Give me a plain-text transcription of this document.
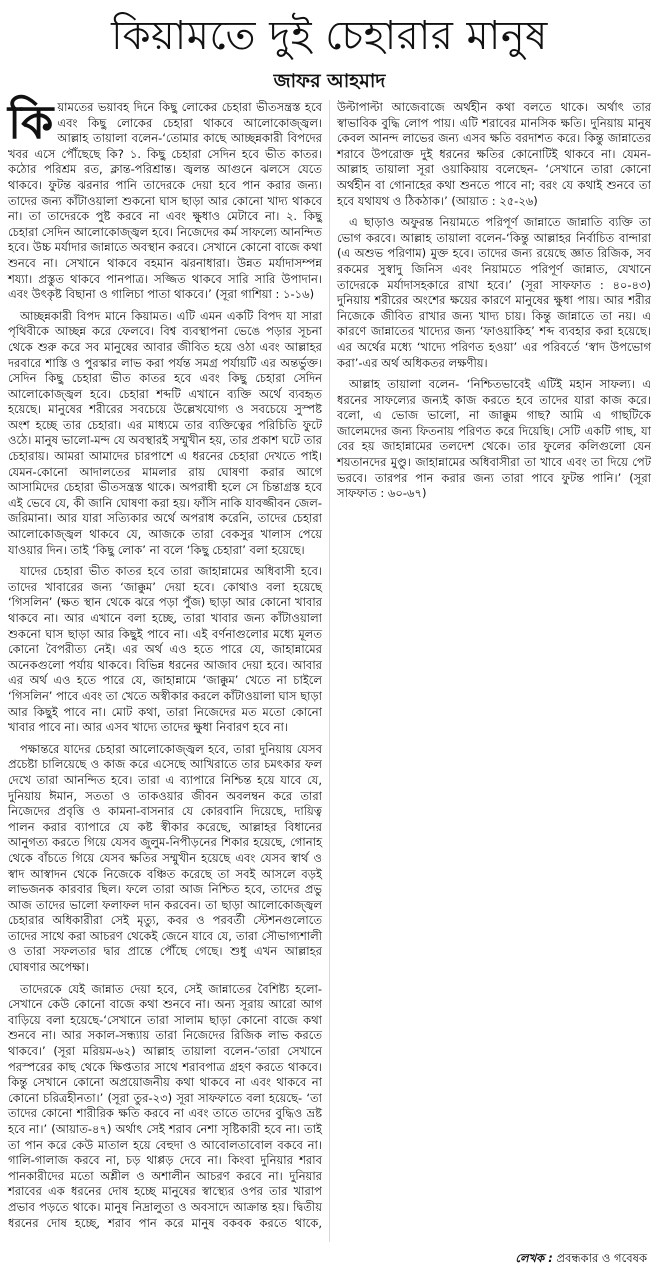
কিয়ামতে দুই চেহারার মানুষ
জাফর আহমাদ

কিয়ামতের ভয়াবহ দিনে কিছু লোকের চেহারা ভীতসন্ত্রস্ত হবে এবং কিছু লোকের চেহারা থাকবে আলোকোজ্জ্বল। আল্লাহ তায়ালা বলেন-‘তোমার কাছে আচ্ছন্নকারী বিপদের খবর এসে পৌঁছেছে কি? ১. কিছু চেহারা সেদিন হবে ভীত কাতর। কঠোর পরিশ্রম রত, ক্লান্ত-পরিশ্রান্ত। জ্বলন্ত আগুনে ঝলসে যেতে থাকবে। ফুটন্ত ঝরনার পানি তাদেরকে দেয়া হবে পান করার জন্য। তাদের জন্য কাঁটাওয়ালা শুকনো ঘাস ছাড়া আর কোনো খাদ্য থাকবে না। তা তাদেরকে পুষ্ট করবে না এবং ক্ষুধাও মেটাবে না। ২. কিছু চেহারা সেদিন আলোকোজ্জ্বল হবে। নিজেদের কর্ম সাফল্যে আনন্দিত হবে। উচ্চ মর্যাদার জান্নাতে অবস্থান করবে। সেখানে কোনো বাজে কথা শুনবে না। সেখানে থাকবে বহমান ঝরনাধারা। উন্নত মর্যাদাসম্পন্ন শয্যা। প্রস্তুত থাকবে পানপাত্র। সজ্জিত থাকবে সারি সারি উপাদান। এবং উৎকৃষ্ট বিছানা ও গালিচা পাতা থাকবে।’ (সূরা গাশিয়া : ১-১৬)

আচ্ছন্নকারী বিপদ মানে কিয়ামত। এটি এমন একটি বিপদ যা সারা পৃথিবীকে আচ্ছন্ন করে ফেলবে। বিশ্ব ব্যবস্থাপনা ভেঙে পড়ার সূচনা থেকে শুরু করে সব মানুষের আবার জীবিত হয়ে ওঠা এবং আল্লাহর দরবারে শাস্তি ও পুরস্কার লাভ করা পর্যন্ত সমগ্র পর্যায়টি এর অন্তর্ভুক্ত। সেদিন কিছু চেহারা ভীত কাতর হবে এবং কিছু চেহারা সেদিন আলোকোজ্জ্বল হবে। চেহারা শব্দটি এখানে ব্যক্তি অর্থে ব্যবহৃত হয়েছে। মানুষের শরীরের সবচেয়ে উল্লেখযোগ্য ও সবচেয়ে সুস্পষ্ট অংশ হচ্ছে তার চেহারা। এর মাধ্যমে তার ব্যক্তিত্বের পরিচিতি ফুটে ওঠে। মানুষ ভালো-মন্দ যে অবস্থারই সম্মুখীন হয়, তার প্রকাশ ঘটে তার চেহারায়। আমরা আমাদের চারপাশে এ ধরনের চেহারা দেখতে পাই। যেমন-কোনো আদালতের মামলার রায় ঘোষণা করার আগে আসামিদের চেহারা ভীতসন্ত্রস্ত থাকে। অপরাধী হলে সে চিন্তাগ্রস্ত হবে এই ভেবে যে, কী জানি ঘোষণা করা হয়। ফাঁসি নাকি যাবজ্জীবন জেল-জরিমানা। আর যারা সত্যিকার অর্থে অপরাধ করেনি, তাদের চেহারা আলোকোজ্জ্বল থাকবে যে, আজকে তারা বেকসুর খালাস পেয়ে যাওয়ার দিন। তাই ‘কিছু লোক’ না বলে ‘কিছু চেহারা’ বলা হয়েছে।

যাদের চেহারা ভীত কাতর হবে তারা জাহান্নামের অধিবাসী হবে। তাদের খাবারের জন্য ‘জাক্কুম’ দেয়া হবে। কোথাও বলা হয়েছে ‘গিসলিন’ (ক্ষত স্থান থেকে ঝরে পড়া পুঁজ) ছাড়া আর কোনো খাবার থাকবে না। আর এখানে বলা হচ্ছে, তারা খাবার জন্য কাঁটাওয়ালা শুকনো ঘাস ছাড়া আর কিছুই পাবে না। এই বর্ণনাগুলোর মধ্যে মূলত কোনো বৈপরীত্য নেই। এর অর্থ এও হতে পারে যে, জাহান্নামের অনেকগুলো পর্যায় থাকবে। বিভিন্ন ধরনের আজাব দেয়া হবে। আবার এর অর্থ এও হতে পারে যে, জাহান্নামে ‘জাক্কুম’ খেতে না চাইলে ‘গিসলিন’ পাবে এবং তা খেতে অস্বীকার করলে কাঁটাওয়ালা ঘাস ছাড়া আর কিছুই পাবে না। মোট কথা, তারা নিজেদের মত মতো কোনো খাবার পাবে না। আর এসব খাদ্যে তাদের ক্ষুধা নিবারণ হবে না।

পক্ষান্তরে যাদের চেহারা আলোকোজ্জ্বল হবে, তারা দুনিয়ায় যেসব প্রচেষ্টা চালিয়েছে ও কাজ করে এসেছে আখিরাতে তার চমৎকার ফল দেখে তারা আনন্দিত হবে। তারা এ ব্যাপারে নিশ্চিন্ত হয়ে যাবে যে, দুনিয়ায় ঈমান, সততা ও তাকওয়ার জীবন অবলম্বন করে তারা নিজেদের প্রবৃত্তি ও কামনা-বাসনার যে কোরবানি দিয়েছে, দায়িত্ব পালন করার ব্যাপারে যে কষ্ট স্বীকার করেছে, আল্লাহর বিধানের আনুগত্য করতে গিয়ে যেসব জুলুম-নিপীড়নের শিকার হয়েছে, গোনাহ থেকে বাঁচতে গিয়ে যেসব ক্ষতির সম্মুখীন হয়েছে এবং যেসব স্বার্থ ও স্বাদ আস্বাদন থেকে নিজেকে বঞ্চিত করেছে তা সবই আসলে বড়ই লাভজনক কারবার ছিল। ফলে তারা আজ নিশ্চিত হবে, তাদের প্রভু আজ তাদের ভালো ফলাফল দান করবেন। তা ছাড়া আলোকোজ্জ্বল চেহারার অধিকারীরা সেই মৃত্যু, কবর ও পরবর্তী স্টেশনগুলোতে তাদের সাথে করা আচরণ থেকেই জেনে যাবে যে, তারা সৌভাগ্যশালী ও তারা সফলতার দ্বার প্রান্তে পৌঁছে গেছে। শুধু এখন আল্লাহর ঘোষণার অপেক্ষা।

তাদেরকে যেই জান্নাত দেয়া হবে, সেই জান্নাতের বৈশিষ্ট্য হলো- সেখানে কেউ কোনো বাজে কথা শুনবে না। অন্য সূরায় আরো আগ বাড়িয়ে বলা হয়েছে-‘সেখানে তারা সালাম ছাড়া কোনো বাজে কথা শুনবে না। আর সকাল-সন্ধ্যায় তারা নিজেদের রিজিক লাভ করতে থাকবে।’ (সূরা মরিয়ম-৬২) আল্লাহ তায়ালা বলেন-‘তারা সেখানে পরস্পরের কাছ থেকে ক্ষিপ্ততার সাথে শরাবপাত্র গ্রহণ করতে থাকবে। কিন্তু সেখানে কোনো অপ্রয়োজনীয় কথা থাকবে না এবং থাকবে না কোনো চরিত্রহীনতা।’ (সূরা তুর-২৩) সূরা সাফফাতে বলা হয়েছে- ‘তা তাদের কোনো শারীরিক ক্ষতি করবে না এবং তাতে তাদের বুদ্ধিও ভ্রষ্ট হবে না।’ (আয়াত-৪৭) অর্থাৎ সেই শরাব নেশা সৃষ্টিকারী হবে না। তাই তা পান করে কেউ মাতাল হয়ে বেহুদা ও আবোলতাবোল বকবে না। গালি-গালাজ করবে না, চড় থাপ্পড় দেবে না। কিংবা দুনিয়ার শরাব পানকারীদের মতো অশ্লীল ও অশালীন আচরণ করবে না। দুনিয়ার শরাবের এক ধরনের দোষ হচ্ছে মানুষের স্বাস্থ্যের ওপর তার খারাপ প্রভাব পড়তে থাকে। মানুষ নিদ্রালুতা ও অবসাদে আক্রান্ত হয়। দ্বিতীয় ধরনের দোষ হচ্ছে, শরাব পান করে মানুষ বকবক করতে থাকে, উল্টাপাল্টা আজেবাজে অর্থহীন কথা বলতে থাকে। অর্থাৎ তার স্বাভাবিক বুদ্ধি লোপ পায়। এটি শরাবের মানসিক ক্ষতি। দুনিয়ায় মানুষ কেবল আনন্দ লাভের জন্য এসব ক্ষতি বরদাশত করে। কিন্তু জান্নাতের শরাবে উপরোক্ত দুই ধরনের ক্ষতির কোনোটিই থাকবে না। যেমন- আল্লাহ তায়ালা সূরা ওয়াকিয়ায় বলেছেন- ‘সেখানে তারা কোনো অর্থহীন বা গোনাহের কথা শুনতে পাবে না; বরং যে কথাই শুনবে তা হবে যথাযথ ও ঠিকঠাক।’ (আয়াত : ২৫-২৬)

এ ছাড়াও অফুরন্ত নিয়ামতে পরিপূর্ণ জান্নাতে জান্নাতি ব্যক্তি তা ভোগ করবে। আল্লাহ তায়ালা বলেন-‘কিন্তু আল্লাহর নির্বাচিত বান্দারা (এ অশুভ পরিণাম) মুক্ত হবে। তাদের জন্য রয়েছে জ্ঞাত রিজিক, সব রকমের সুস্বাদু জিনিস এবং নিয়ামতে পরিপূর্ণ জান্নাত, যেখানে তাদেরকে মর্যাদাসহকারে রাখা হবে।’ (সূরা সাফফাত : ৪০-৪৩) দুনিয়ায় শরীরের অংশের ক্ষয়ের কারণে মানুষের ক্ষুধা পায়। আর শরীর নিজেকে জীবিত রাখার জন্য খাদ্য চায়। কিন্তু জান্নাতে তা নয়। এ কারণে জান্নাতের খাদ্যের জন্য ‘ফাওয়াকিহ’ শব্দ ব্যবহার করা হয়েছে। এর অর্থের মধ্যে ‘খাদ্যে পরিণত হওয়া’ এর পরিবর্তে ‘স্বাদ উপভোগ করা’-এর অর্থ অধিকতর লক্ষণীয়।

আল্লাহ তায়ালা বলেন- ‘নিশ্চিতভাবেই এটিই মহান সাফল্য। এ ধরনের সাফল্যের জন্যই কাজ করতে হবে তাদের যারা কাজ করে। বলো, এ ভোজ ভালো, না জাক্কুম গাছ? আমি এ গাছটিকে জালেমদের জন্য ফিতনায় পরিণত করে দিয়েছি। সেটি একটি গাছ, যা বের হয় জাহান্নামের তলদেশ থেকে। তার ফুলের কলিগুলো যেন শয়তানদের মুণ্ডু। জাহান্নামের অধিবাসীরা তা খাবে এবং তা দিয়ে পেট ভরবে। তারপর পান করার জন্য তারা পাবে ফুটন্ত পানি।’ (সূরা সাফফাত : ৬০-৬৭)

লেখক : প্রবন্ধকার ও গবেষক
